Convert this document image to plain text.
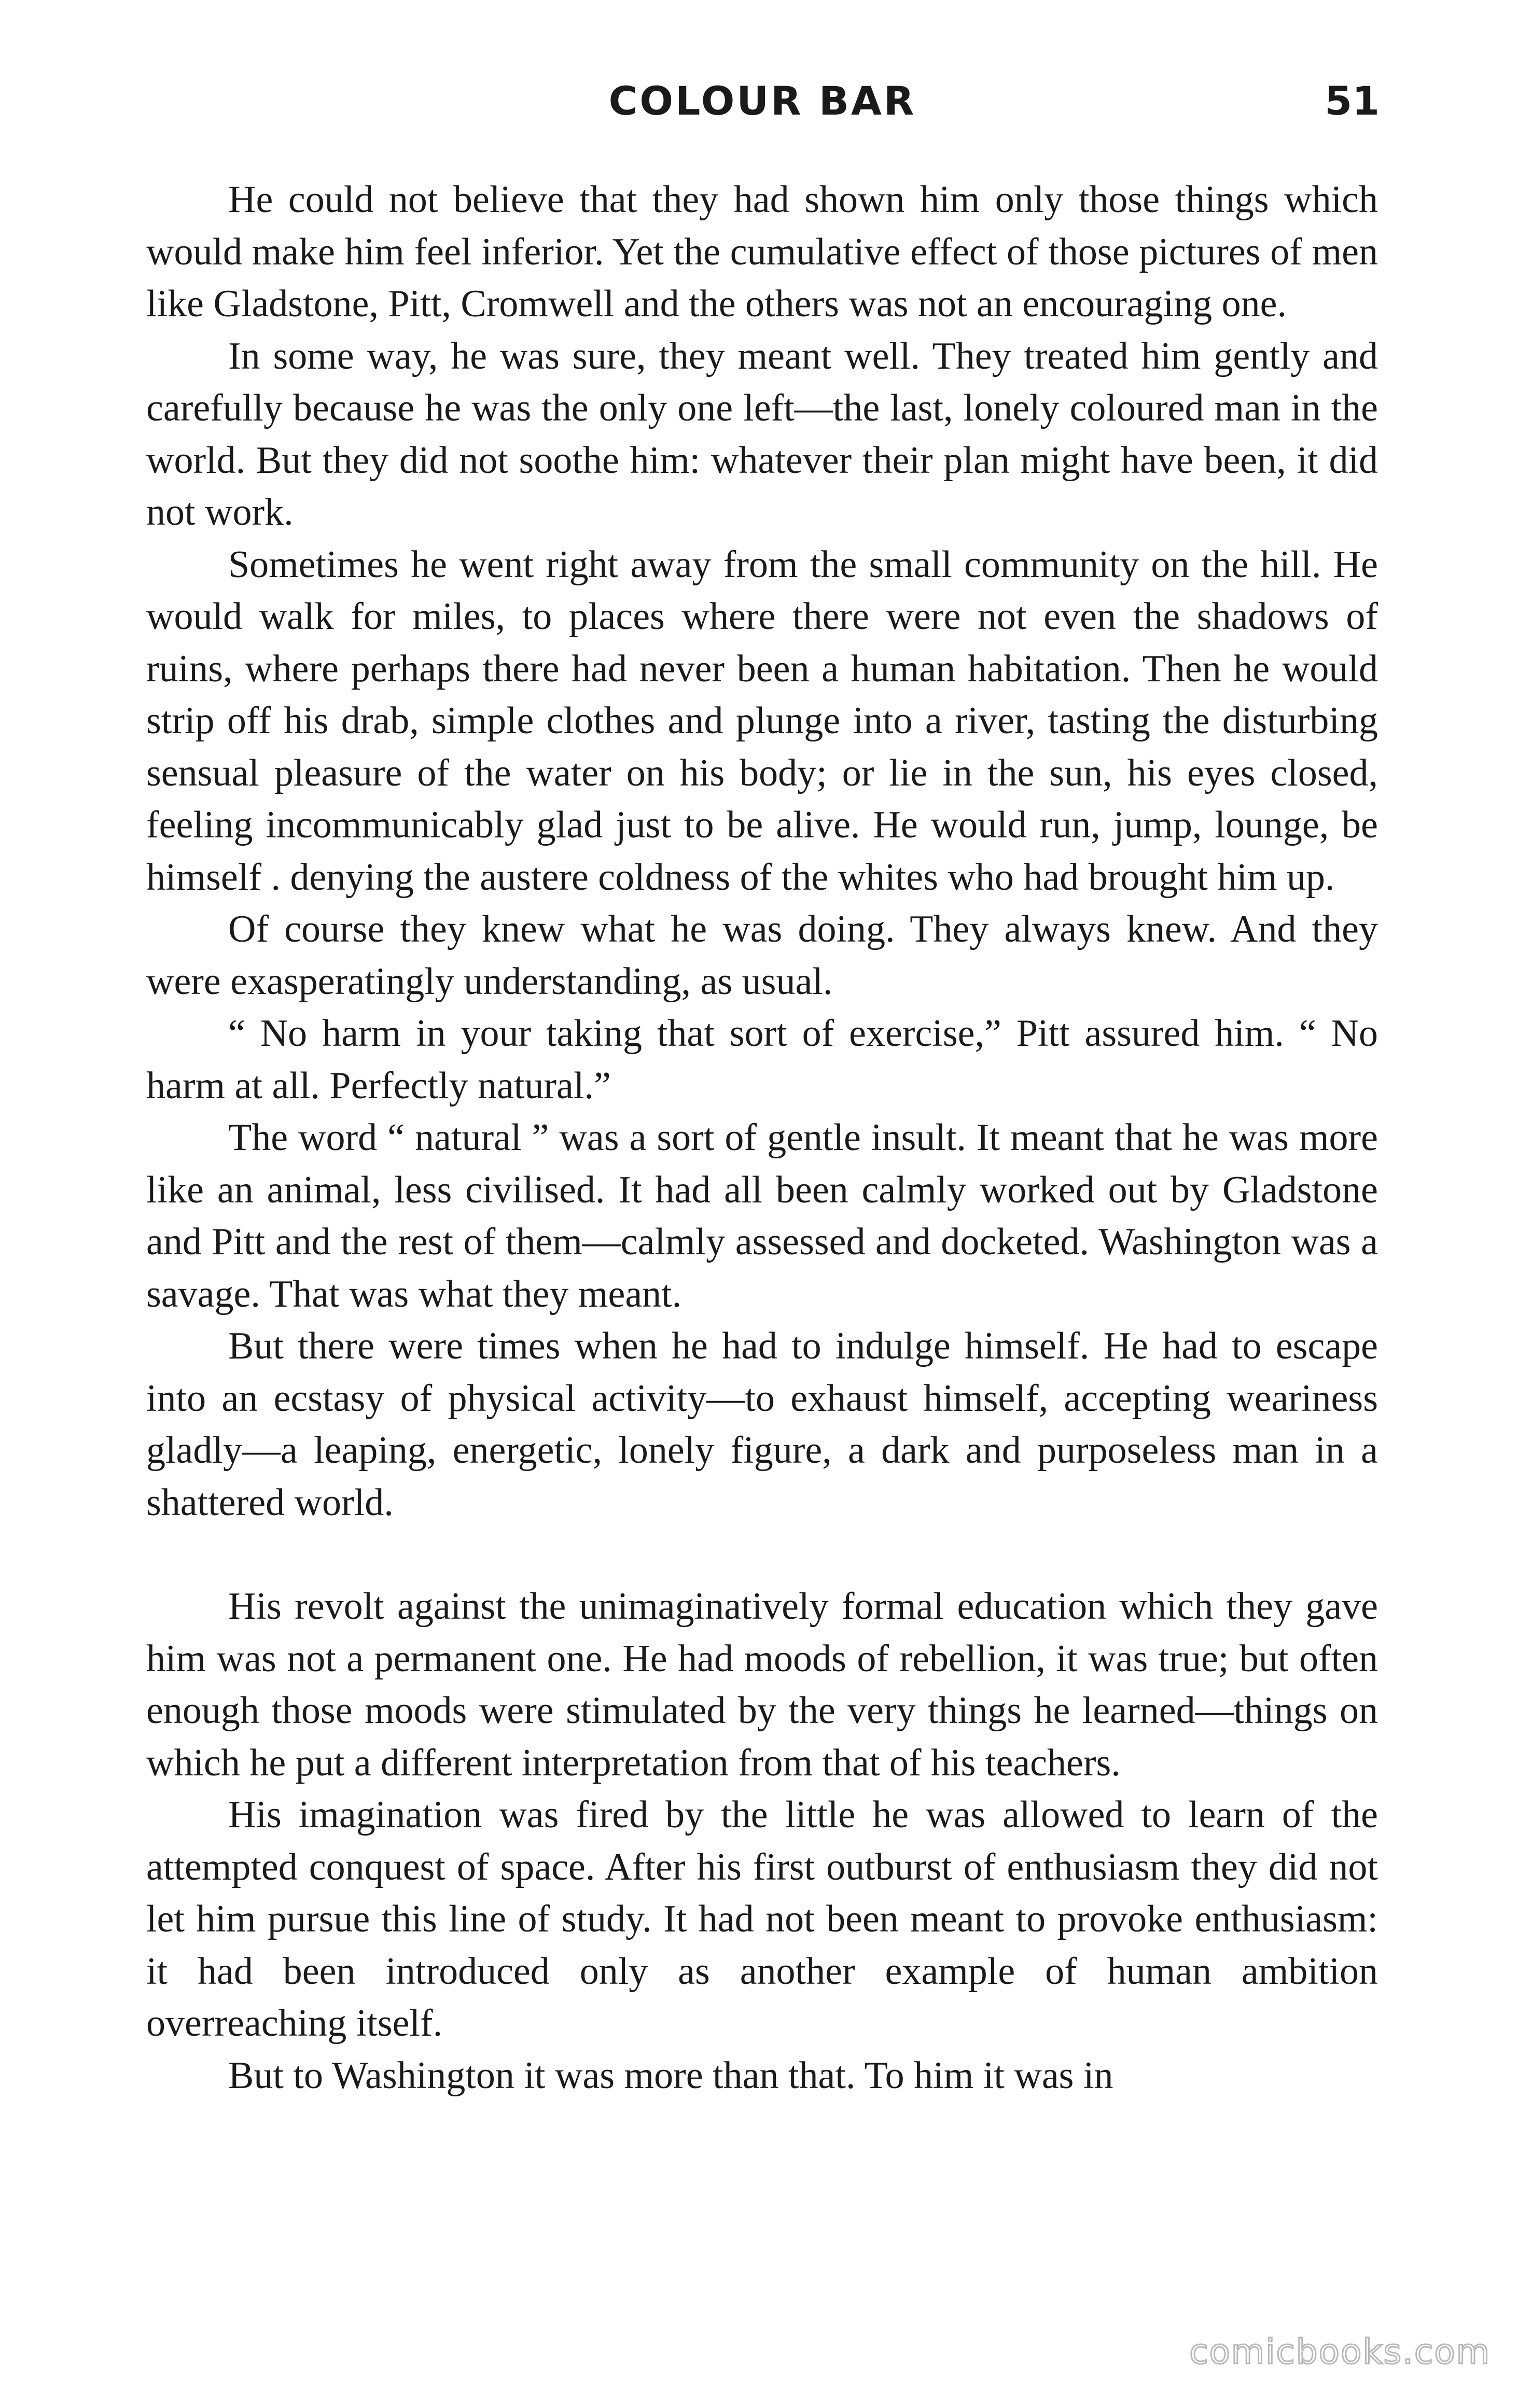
COLOUR BAR	51

He could not believe that they had shown him only those things which would make him feel inferior. Yet the cumulative effect of those pictures of men like Gladstone, Pitt, Cromwell and the others was not an encouraging one.

In some way, he was sure, they meant well. They treated him gently and carefully because he was the only one left—the last, lonely coloured man in the world. But they did not soothe him: whatever their plan might have been, it did not work.

Sometimes he went right away from the small community on the hill. He would walk for miles, to places where there were not even the shadows of ruins, where perhaps there had never been a human habitation. Then he would strip off his drab, simple clothes and plunge into a river, tasting the disturbing sensual pleasure of the water on his body; or lie in the sun, his eyes closed, feeling incommunicably glad just to be alive. He would run, jump, lounge, be himself . denying the austere coldness of the whites who had brought him up.

Of course they knew what he was doing. They always knew. And they were exasperatingly understanding, as usual.

“ No harm in your taking that sort of exercise,” Pitt assured him. “ No harm at all. Perfectly natural.”

The word “ natural ” was a sort of gentle insult. It meant that he was more like an animal, less civilised. It had all been calmly worked out by Gladstone and Pitt and the rest of them—calmly assessed and docketed. Washington was a savage. That was what they meant.

But there were times when he had to indulge himself. He had to escape into an ecstasy of physical activity—to exhaust himself, accepting weariness gladly—a leaping, energetic, lonely figure, a dark and purposeless man in a shattered world.

His revolt against the unimaginatively formal education which they gave him was not a permanent one. He had moods of rebellion, it was true; but often enough those moods were stimulated by the very things he learned—things on which he put a different interpretation from that of his teachers.

His imagination was fired by the little he was allowed to learn of the attempted conquest of space. After his first outburst of enthusiasm they did not let him pursue this line of study. It had not been meant to provoke enthusiasm: it had been introduced only as another example of human ambition overreaching itself.

But to Washington it was more than that. To him it was in

comicbooks.com
